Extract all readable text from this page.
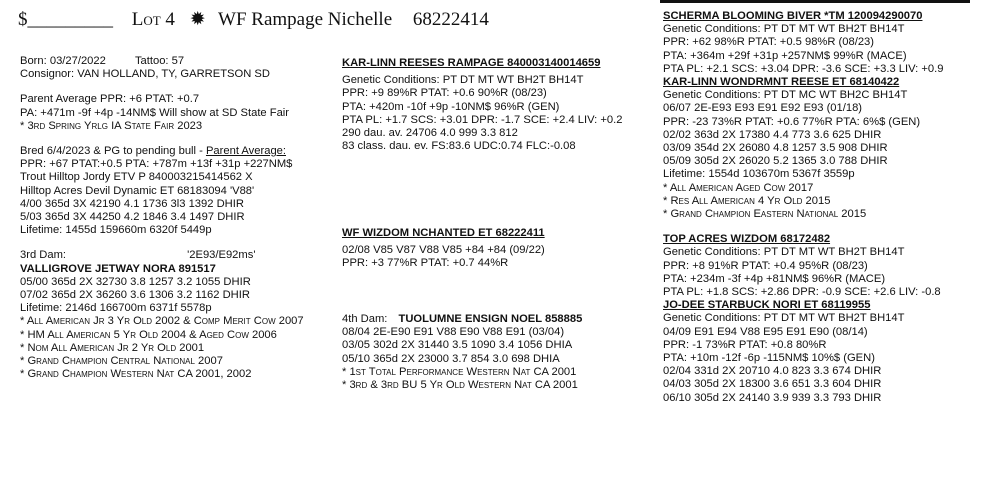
$_________ Lot 4 ✹ WF Rampage Nichelle 68222414
Born: 03/27/2022	Tattoo: 57
Consignor: VAN HOLLAND, TY, GARRETSON SD
Parent Average PPR: +6 PTAT: +0.7
PA: +471m -9f +4p -14NM$ Will show at SD State Fair
* 3rd Spring Yrlg IA State Fair 2023
Bred 6/4/2023 & PG to pending bull - Parent Average:
PPR: +67 PTAT:+0.5 PTA: +787m +13f +31p +227NM$
Trout Hilltop Jordy ETV P 840003215414562 X
Hilltop Acres Devil Dynamic ET 68183094 'V88'
4/00 365d 3X 42190 4.1 1736 3l3 1392 DHIR
5/03 365d 3X 44250 4.2 1846 3.4 1497 DHIR
Lifetime: 1455d 159660m 6320f 5449p
3rd Dam:	'2E93/E92ms'
VALLIGROVE JETWAY NORA 891517
05/00 365d 2X 32730 3.8 1257 3.2 1055 DHIR
07/02 365d 2X 36260 3.6 1306 3.2 1162 DHIR
Lifetime: 2146d 166700m 6371f 5578p
* All American Jr 3 Yr Old 2002 & Comp Merit Cow 2007
* HM All American 5 Yr Old 2004 & Aged Cow 2006
* Nom All American Jr 2 Yr Old 2001
* Grand Champion Central National 2007
* Grand Champion Western Nat CA 2001, 2002
KAR-LINN REESES RAMPAGE 840003140014659
Genetic Conditions: PT DT MT WT BH2T BH14T
PPR: +9 89%R PTAT: +0.6 90%R (08/23)
PTA: +420m -10f +9p -10NM$ 96%R (GEN)
PTA PL: +1.7 SCS: +3.01 DPR: -1.7 SCE: +2.4 LIV: +0.2
290 dau. av. 24706 4.0 999 3.3 812
83 class. dau. ev. FS:83.6 UDC:0.74 FLC:-0.08
WF WIZDOM NCHANTED ET 68222411
02/08 V85 V87 V88 V85 +84 +84 (09/22)
PPR: +3 77%R PTAT: +0.7 44%R
4th Dam: TUOLUMNE ENSIGN NOEL 858885
08/04 2E-E90 E91 V88 E90 V88 E91 (03/04)
03/05 302d 2X 31440 3.5 1090 3.4 1056 DHIA
05/10 365d 2X 23000 3.7 854 3.0 698 DHIA
* 1st Total Performance Western Nat CA 2001
* 3rd & 3rd BU 5 Yr Old Western Nat CA 2001
SCHERMA BLOOMING BIVER *TM 120094290070
Genetic Conditions: PT DT MT WT BH2T BH14T
PPR: +62 98%R PTAT: +0.5 98%R (08/23)
PTA: +364m +29f +31p +257NM$ 99%R (MACE)
PTA PL: +2.1 SCS: +3.04 DPR: -3.6 SCE: +3.3 LIV: +0.9
KAR-LINN WONDRMNT REESE ET 68140422
Genetic Conditions: PT DT MC WT BH2C BH14T
06/07 2E-E93 E93 E91 E92 E93 (01/18)
PPR: -23 73%R PTAT: +0.6 77%R PTA: 6%$ (GEN)
02/02 363d 2X 17380 4.4 773 3.6 625 DHIR
03/09 354d 2X 26080 4.8 1257 3.5 908 DHIR
05/09 305d 2X 26020 5.2 1365 3.0 788 DHIR
Lifetime: 1554d 103670m 5367f 3559p
* All American Aged Cow 2017
* Res All American 4 Yr Old 2015
* Grand Champion Eastern National 2015
TOP ACRES WIZDOM 68172482
Genetic Conditions: PT DT MT WT BH2T BH14T
PPR: +8 91%R PTAT: +0.4 95%R (08/23)
PTA: +234m -3f +4p +81NM$ 96%R (MACE)
PTA PL: +1.8 SCS: +2.86 DPR: -0.9 SCE: +2.6 LIV: -0.8
JO-DEE STARBUCK NORI ET 68119955
Genetic Conditions: PT DT MT WT BH2T BH14T
04/09 E91 E94 V88 E95 E91 E90 (08/14)
PPR: -1 73%R PTAT: +0.8 80%R
PTA: +10m -12f -6p -115NM$ 10%$ (GEN)
02/04 331d 2X 20710 4.0 823 3.3 674 DHIR
04/03 305d 2X 18300 3.6 651 3.3 604 DHIR
06/10 305d 2X 24140 3.9 939 3.3 793 DHIR
